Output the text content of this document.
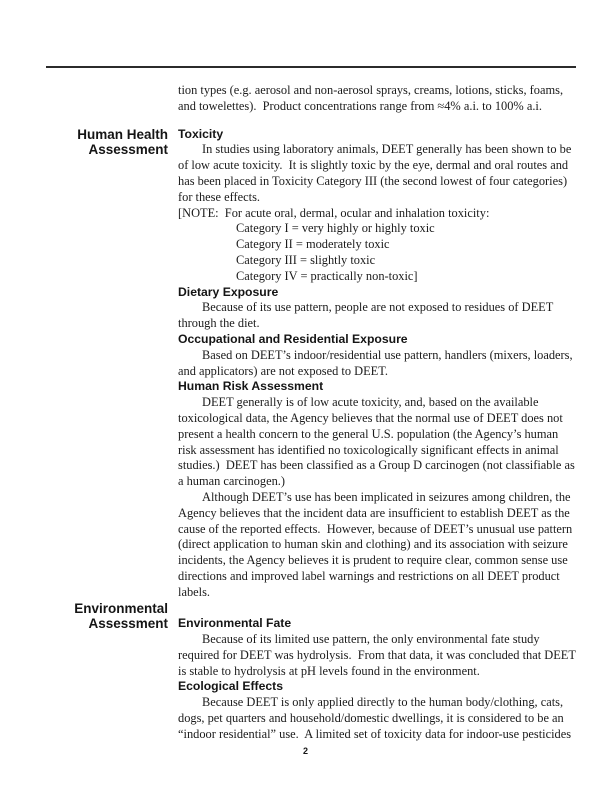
tion types (e.g. aerosol and non-aerosol sprays, creams, lotions, sticks, foams, and towelettes).  Product concentrations range from ≈4% a.i. to 100% a.i.

Human Health
Assessment
Toxicity

In studies using laboratory animals, DEET generally has been shown to be of low acute toxicity.  It is slightly toxic by the eye, dermal and oral routes and has been placed in Toxicity Category III (the second lowest of four categories) for these effects.

[NOTE:  For acute oral, dermal, ocular and inhalation toxicity:

Category I = very highly or highly toxic
Category II = moderately toxic
Category III = slightly toxic
Category IV = practically non-toxic]
Dietary Exposure

Because of its use pattern, people are not exposed to residues of DEET through the diet.

Occupational and Residential Exposure

Based on DEET’s indoor/residential use pattern, handlers (mixers, loaders, and applicators) are not exposed to DEET.

Human Risk Assessment

DEET generally is of low acute toxicity, and, based on the available toxicological data, the Agency believes that the normal use of DEET does not present a health concern to the general U.S. population (the Agency’s human risk assessment has identified no toxicologically significant effects in animal studies.)  DEET has been classified as a Group D carcinogen (not classifiable as a human carcinogen.)

Although DEET’s use has been implicated in seizures among children, the Agency believes that the incident data are insufficient to establish DEET as the cause of the reported effects.  However, because of DEET’s unusual use pattern (direct application to human skin and clothing) and its association with seizure incidents, the Agency believes it is prudent to require clear, common sense use directions and improved label warnings and restrictions on all DEET product labels.

Environmental
Assessment Environmental Fate

Because of its limited use pattern, the only environmental fate study required for DEET was hydrolysis.  From that data, it was concluded that DEET is stable to hydrolysis at pH levels found in the environment.

Ecological Effects

Because DEET is only applied directly to the human body/clothing, cats, dogs, pet quarters and household/domestic dwellings, it is considered to be an “indoor residential” use.  A limited set of toxicity data for indoor-use pesticides

2
